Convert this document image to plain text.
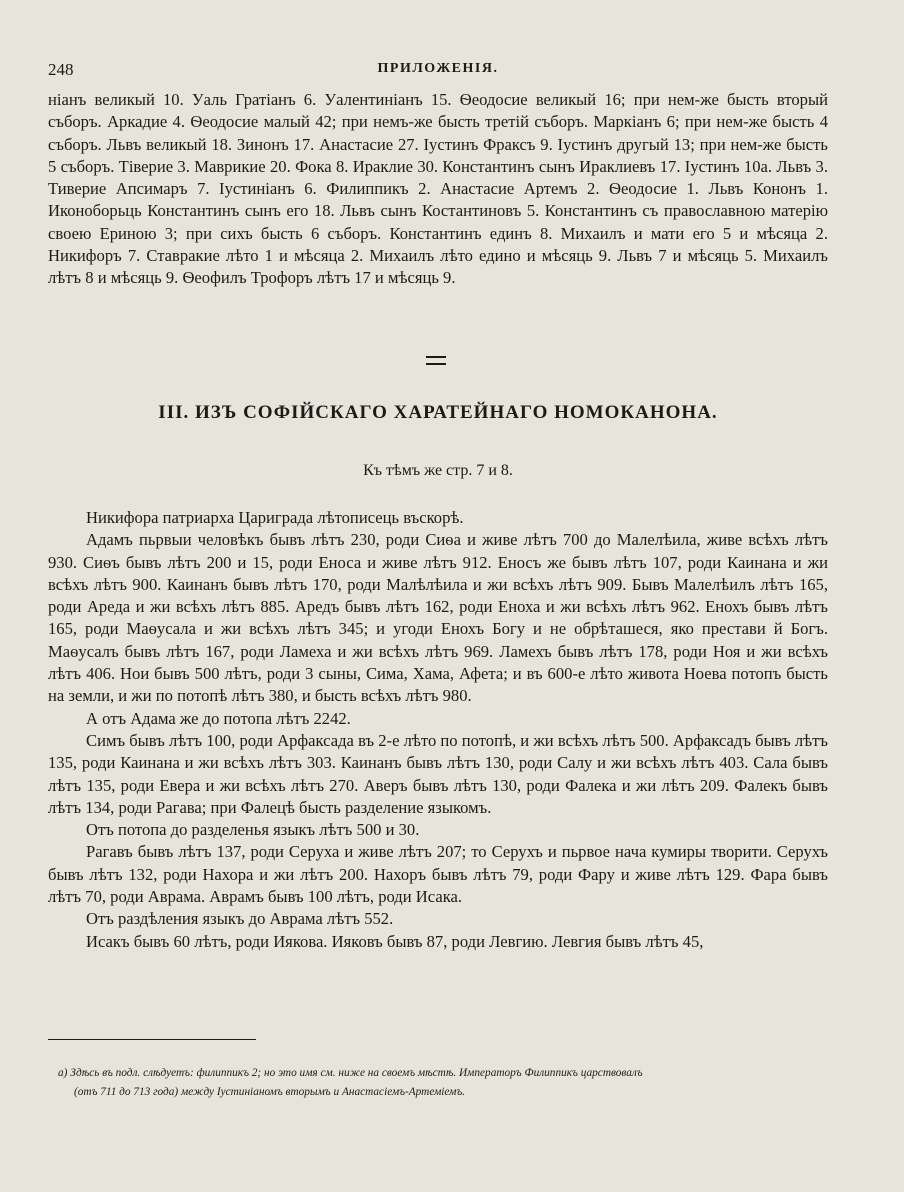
248	ПРИЛОЖЕНІЯ.

ніанъ великый 10. Уаль Гратіанъ 6. Уалентиніанъ 15. Ѳеодосие великый 16; при нем-же бысть вторый съборъ. Аркадие 4. Ѳеодосие малый 42; при немъ-же бысть третій съборъ. Маркіанъ 6; при нем-же бысть 4 съборъ. Львъ великый 18. Зинонъ 17. Анастасие 27. Іустинъ Фраксъ 9. Іустинъ другый 13; при нем-же бысть 5 съборъ. Тіверие 3. Маврикие 20. Фока 8. Ираклие 30. Константинъ сынъ Ираклиевъ 17. Іустинъ 10а. Львъ 3. Тиверие Апсимаръ 7. Іустиніанъ 6. Филиппикъ 2. Анастасие Артемъ 2. Ѳеодосие 1. Львъ Кононъ 1. Иконоборьць Константинъ сынъ его 18. Львъ сынъ Костантиновъ 5. Константинъ съ православною матерію своею Ериною 3; при сихъ бысть 6 съборъ. Константинъ единъ 8. Михаилъ и мати его 5 и мѣсяца 2. Никифоръ 7. Ставракие лѣто 1 и мѣсяца 2. Михаилъ лѣто едино и мѣсяць 9. Львъ 7 и мѣсяць 5. Михаилъ лѣтъ 8 и мѣсяць 9. Ѳеофилъ Трофоръ лѣтъ 17 и мѣсяць 9.

III. ИЗЪ СОФІЙСКАГО ХАРАТЕЙНАГО НОМОКАНОНА.
Къ тѣмъ же стр. 7 и 8.

Никифора патриарха Цариграда лѣтописець въскорѣ.

Адамъ пьрвыи человѣкъ бывъ лѣтъ 230, роди Сиѳа и живе лѣтъ 700 до Малелѣила, живе всѣхъ лѣтъ 930. Сиѳъ бывъ лѣтъ 200 и 15, роди Еноса и живе лѣтъ 912. Еносъ же бывъ лѣтъ 107, роди Каинана и жи всѣхъ лѣтъ 900. Каинанъ бывъ лѣтъ 170, роди Малѣлѣила и жи всѣхъ лѣтъ 909. Бывъ Малелѣилъ лѣтъ 165, роди Ареда и жи всѣхъ лѣтъ 885. Аредъ бывъ лѣтъ 162, роди Еноха и жи всѣхъ лѣтъ 962. Енохъ бывъ лѣтъ 165, роди Маѳусала и жи всѣхъ лѣтъ 345; и угоди Енохъ Богу и не обрѣташеся, яко престави й Богъ. Маѳусалъ бывъ лѣтъ 167, роди Ламеха и жи всѣхъ лѣтъ 969. Ламехъ бывъ лѣтъ 178, роди Ноя и жи всѣхъ лѣтъ 406. Нои бывъ 500 лѣтъ, роди 3 сыны, Сима, Хама, Афета; и въ 600-е лѣто живота Ноева потопъ бысть на земли, и жи по потопѣ лѣтъ 380, и бысть всѣхъ лѣтъ 980.

А отъ Адама же до потопа лѣтъ 2242.

Симъ бывъ лѣтъ 100, роди Арфаксада въ 2-е лѣто по потопѣ, и жи всѣхъ лѣтъ 500. Арфаксадъ бывъ лѣтъ 135, роди Каинана и жи всѣхъ лѣтъ 303. Каинанъ бывъ лѣтъ 130, роди Салу и жи всѣхъ лѣтъ 403. Сала бывъ лѣтъ 135, роди Евера и жи всѣхъ лѣтъ 270. Аверъ бывъ лѣтъ 130, роди Фалека и жи лѣтъ 209. Фалекъ бывъ лѣтъ 134, роди Рагава; при Фалецѣ бысть разделение языкомъ.

Отъ потопа до разделенья языкъ лѣтъ 500 и 30.

Рагавъ бывъ лѣтъ 137, роди Серуха и живе лѣтъ 207; то Серухъ и пьрвое нача кумиры творити. Серухъ бывъ лѣтъ 132, роди Нахора и жи лѣтъ 200. Нахоръ бывъ лѣтъ 79, роди Фару и живе лѣтъ 129. Фара бывъ лѣтъ 70, роди Аврама. Аврамъ бывъ 100 лѣтъ, роди Исака.

Отъ раздѣления языкъ до Аврама лѣтъ 552.

Исакъ бывъ 60 лѣтъ, роди Иякова. Ияковъ бывъ 87, роди Левгию. Левгия бывъ лѣтъ 45,

а) Здѣсь въ подл. слѣдуетъ: филиппикъ 2; но это имя см. ниже на своемъ мѣстѣ. Императоръ Филиппикъ царствовалъ
(отъ 711 до 713 года) между Іустиніаномъ вторымъ и Анастасіемъ-Артеміемъ.
